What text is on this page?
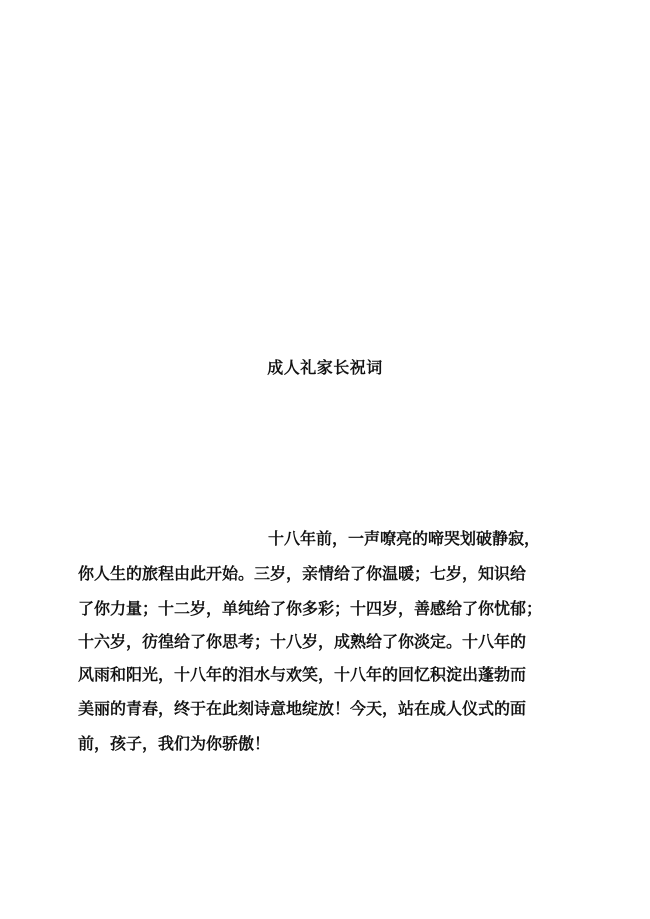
成人礼家长祝词

十八年前，一声嘹亮的啼哭划破静寂，

你人生的旅程由此开始。三岁，亲情给了你温暖；七岁，知识给

了你力量；十二岁，单纯给了你多彩；十四岁，善感给了你忧郁；

十六岁，彷徨给了你思考；十八岁，成熟给了你淡定。十八年的

风雨和阳光，十八年的泪水与欢笑，十八年的回忆积淀出蓬勃而

美丽的青春，终于在此刻诗意地绽放！今天，站在成人仪式的面

前，孩子，我们为你骄傲！
